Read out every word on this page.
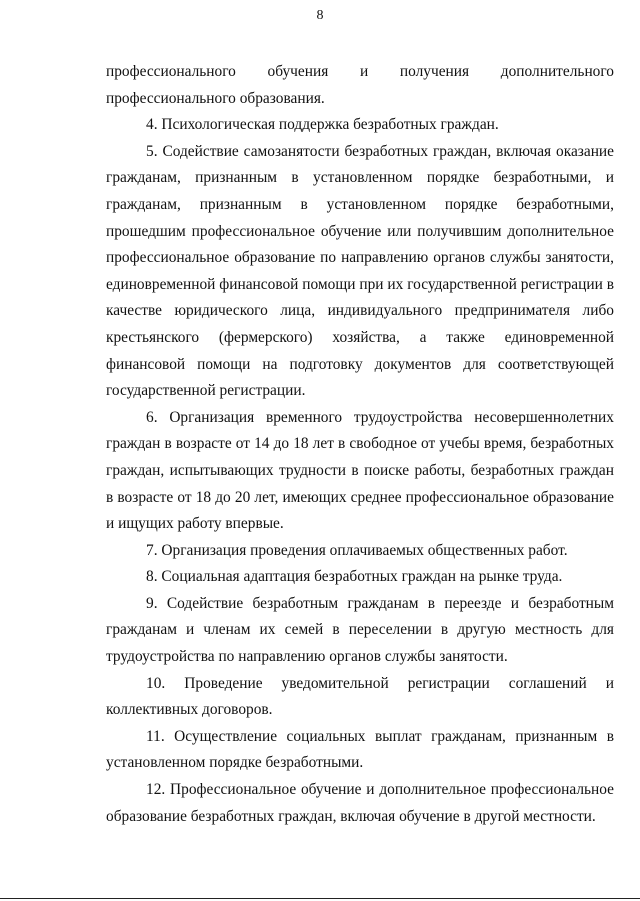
8

профессионального обучения и получения дополнительного профессионального образования.

4. Психологическая поддержка безработных граждан.

5. Содействие самозанятости безработных граждан, включая оказание гражданам, признанным в установленном порядке безработными, и гражданам, признанным в установленном порядке безработными, прошедшим профессиональное обучение или получившим дополнительное профессиональное образование по направлению органов службы занятости, единовременной финансовой помощи при их государственной регистрации в качестве юридического лица, индивидуального предпринимателя либо крестьянского (фермерского) хозяйства, а также единовременной финансовой помощи на подготовку документов для соответствующей государственной регистрации.

6. Организация временного трудоустройства несовершеннолетних граждан в возрасте от 14 до 18 лет в свободное от учебы время, безработных граждан, испытывающих трудности в поиске работы, безработных граждан в возрасте от 18 до 20 лет, имеющих среднее профессиональное образование и ищущих работу впервые.

7. Организация проведения оплачиваемых общественных работ.

8. Социальная адаптация безработных граждан на рынке труда.

9. Содействие безработным гражданам в переезде и безработным гражданам и членам их семей в переселении в другую местность для трудоустройства по направлению органов службы занятости.

10. Проведение уведомительной регистрации соглашений и коллективных договоров.

11. Осуществление социальных выплат гражданам, признанным в установленном порядке безработными.

12. Профессиональное обучение и дополнительное профессиональное образование безработных граждан, включая обучение в другой местности.
